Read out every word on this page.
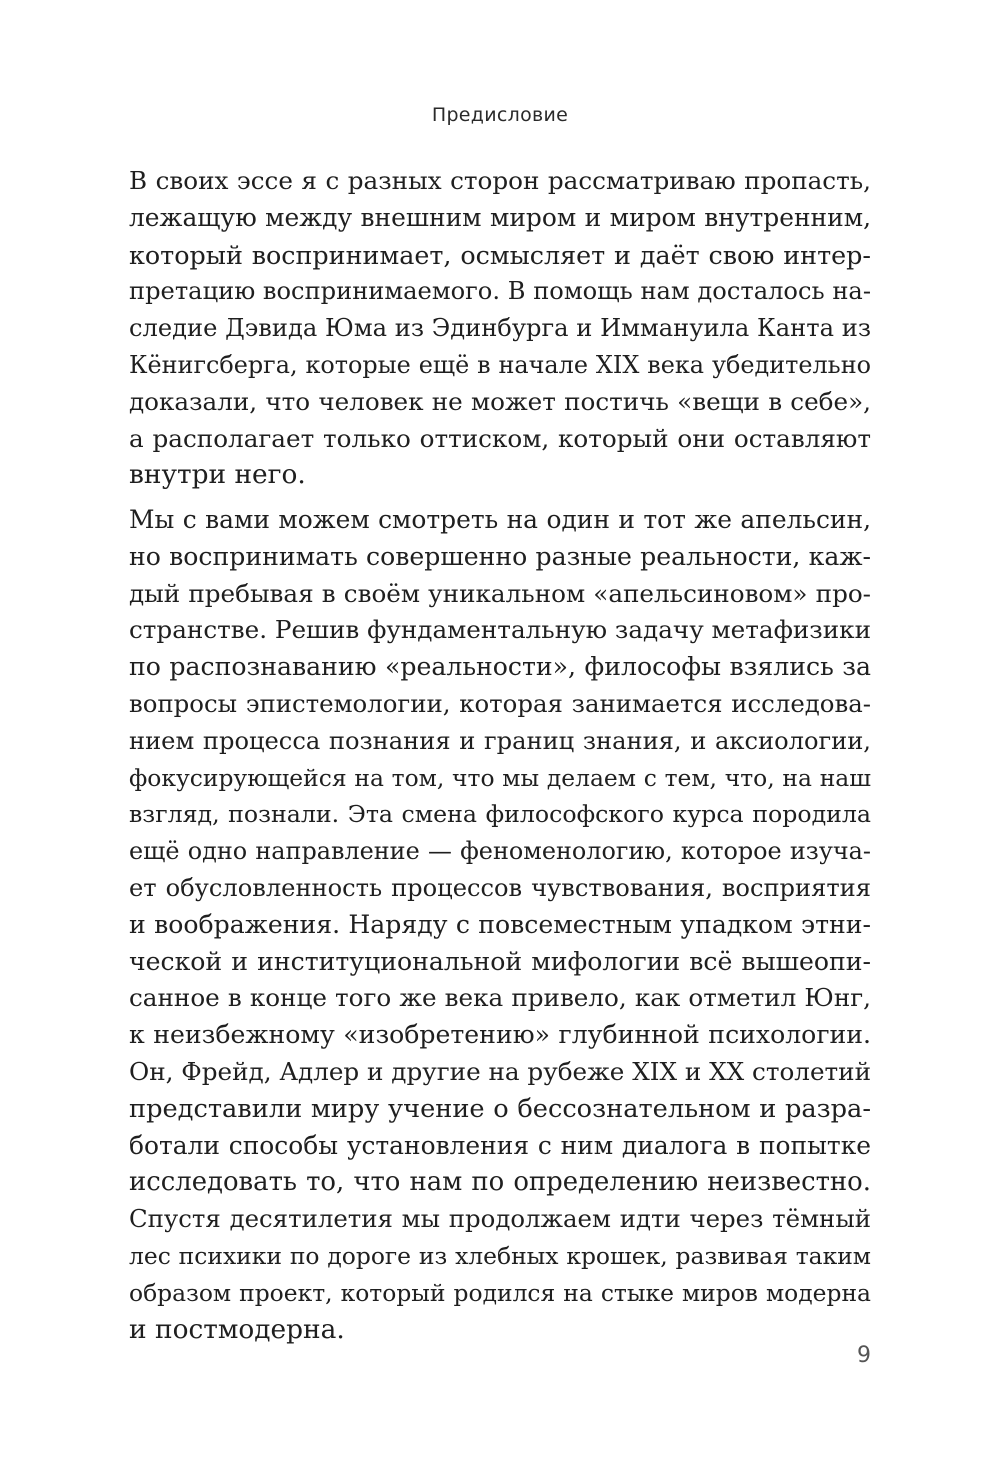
Предисловие
В своих эссе я с разных сторон рассматриваю пропасть,
лежащую между внешним миром и миром внутренним,
который воспринимает, осмысляет и даёт свою интер-
претацию воспринимаемого. В помощь нам досталось на-
следие Дэвида Юма из Эдинбурга и Иммануила Канта из
Кёнигсберга, которые ещё в начале XIX века убедительно
доказали, что человек не может постичь «вещи в себе»,
а располагает только оттиском, который они оставляют
внутри него.
Мы с вами можем смотреть на один и тот же апельсин,
но воспринимать совершенно разные реальности, каж-
дый пребывая в своём уникальном «апельсиновом» про-
странстве. Решив фундаментальную задачу метафизики
по распознаванию «реальности», философы взялись за
вопросы эпистемологии, которая занимается исследова-
нием процесса познания и границ знания, и аксиологии,
фокусирующейся на том, что мы делаем с тем, что, на наш
взгляд, познали. Эта смена философского курса породила
ещё одно направление — феноменологию, которое изуча-
ет обусловленность процессов чувствования, восприятия
и воображения. Наряду с повсеместным упадком этни-
ческой и институциональной мифологии всё вышеопи-
санное в конце того же века привело, как отметил Юнг,
к неизбежному «изобретению» глубинной психологии.
Он, Фрейд, Адлер и другие на рубеже XIX и XX столетий
представили миру учение о бессознательном и разра-
ботали способы установления с ним диалога в попытке
исследовать то, что нам по определению неизвестно.
Спустя десятилетия мы продолжаем идти через тёмный
лес психики по дороге из хлебных крошек, развивая таким
образом проект, который родился на стыке миров модерна
и постмодерна.
9
